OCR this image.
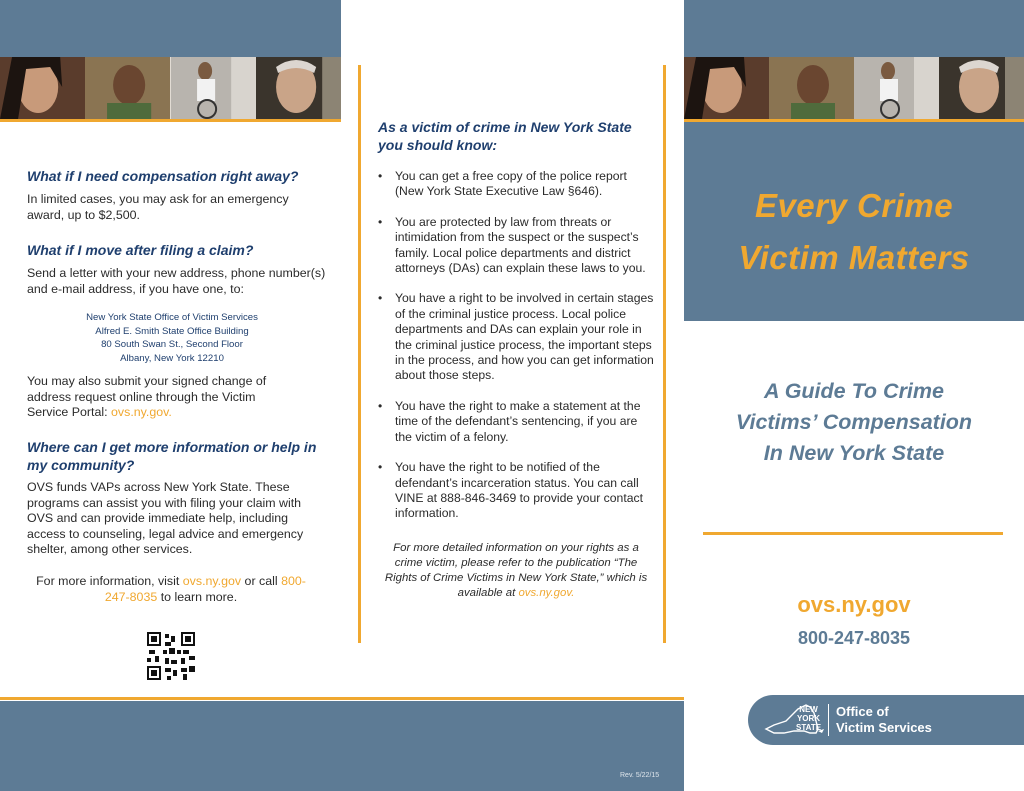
What if I need compensation right away?

In limited cases, you may ask for an emergency award, up to $2,500.

What if I move after filing a claim?

Send a letter with your new address, phone number(s) and e-mail address, if you have one, to:

New York State Office of Victim Services
Alfred E. Smith State Office Building
80 South Swan St., Second Floor
Albany, New York 12210

You may also submit your signed change of address request online through the Victim Service Portal: ovs.ny.gov.

Where can I get more information or help in my community?

OVS funds VAPs across New York State. These programs can assist you with filing your claim with OVS and can provide immediate help, including access to counseling, legal advice and emergency shelter, among other services.

For more information, visit ovs.ny.gov or call 800-247-8035 to learn more.

As a victim of crime in New York State you should know:

• You can get a free copy of the police report (New York State Executive Law §646).
• You are protected by law from threats or intimidation from the suspect or the suspect’s family. Local police departments and district attorneys (DAs) can explain these laws to you.
• You have a right to be involved in certain stages of the criminal justice process. Local police departments and DAs can explain your role in the criminal justice process, the important steps in the process, and how you can get information about those steps.
• You have the right to make a statement at the time of the defendant’s sentencing, if you are the victim of a felony.
• You have the right to be notified of the defendant’s incarceration status. You can call VINE at 888-846-3469 to provide your contact information.

For more detailed information on your rights as a crime victim, please refer to the publication “The Rights of Crime Victims in New York State,” which is available at ovs.ny.gov.

Rev. 5/22/15
Every Crime
Victim Matters
A Guide To Crime
Victims’ Compensation
In New York State
ovs.ny.gov
800-247-8035
NEW
YORK
STATE
Office of
Victim Services
